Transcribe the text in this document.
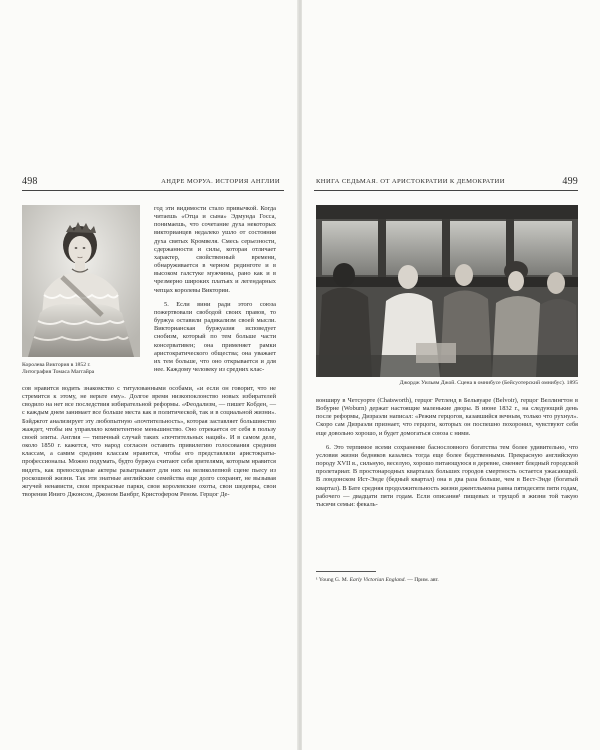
498	АНДРЕ МОРУА. ИСТОРИЯ АНГЛИИ
Королева Виктория в 1852 г.
Литография Томаса Маггайра

год эти видимости стало привычкой. Когда читаешь «Отца и сына» Эдмунда Госса, понимаешь, что сочетание духа некоторых викторианцев недалеко ушло от состояния духа святых Кромвеля. Смесь серьезности, сдержанности и силы, которая отличает характер, свойственный времени, обнаруживается в черном рединготе и в высоком галстуке мужчины, рано как и в чрезмерно широких платьях и легендарных чепцах королевы Виктории.

5. Если вини ради этого союза пожертвовали свободой своих правов, то буржуа оставили радикализм своей мысли. Викторианская буржуазия исповедует снобизм, который по тем больше части консервативен; она применяет рамки аристократического общества; она уважает их тем больше, что оно открывается и для нее. Каждому человеку из средних клас-

сов нравится водить знакомство с титулованными особами, «и если он говорит, что не стремится к этому, не верьте ему». Долгое время низкопоклонство новых избирателей сводило на нет все последствия избирательной реформы. «Феодализм, — пишет Кобден, — с каждым днем занимает все больше места как в политической, так и в социальной жизни». Бэйджгот анализирует эту любопытную «почтительность», которая заставляет большинство жаждет, чтобы им управляло компетентное меньшинство. Оно отрекается от себя в пользу своей элиты. Англия — типичный случай таких «почтительных наций». И в самом деле, около 1850 г. кажется, что народ согласен оставить привилегию голосования средним классам, а самим средним классам нравится, чтобы его представляли аристократы-профессионалы. Можно подумать, будто буржуа считают себя зрителями, которым нравится видеть, как превосходные актеры разыгрывают для них на великолепной сцене пьесу из роскошной жизни. Так эти знатные английские семейства еще долго сохранят, не вызывая жгучей ненависти, свои прекрасные парки, свои королевские охоты, свои шедевры, свои творения Иниго Джонсом, Джоном Ванбрг, Кристофером Реном. Герцог Де-

КНИГА СЕДЬМАЯ. ОТ АРИСТОКРАТИИ К ДЕМОКРАТИИ	499
Джордж Уильям Джой. Сцена в омнибусе (Бейсуотерский омнибус). 1895

вонширу в Четсуорте (Chatsworth), герцог Ретленд в Бельвуаре (Belvoir), герцог Веллингтон в Вобурне (Woburn) держат настоящие маленькие дворы. В июне 1832 г., на следующий день после реформы, Дизраэли написал: «Режим герцогов, казавшийся вечным, только что рухнул». Скоро сам Дизраэли признает, что герцоги, которых он поспешно похоронил, чувствуют себя еще довольно хорошо, и будет домогаться союза с ними.

6. Это терпимое всеми сохранение баснословного богатства тем более удивительно, что условия жизни бедняков казались тогда еще более бедственными. Прекрасную английскую породу XVII в., сильную, веселую, хорошо питающуюся в деревне, сменяет бледный городской пролетариат. В простонародных кварталах больших городов смертность остается ужасающей. В лондонском Ист-Энде (бедный квартал) она в два раза больше, чем в Вест-Энде (богатый квартал). В Бате средняя продолжительность жизни джентльмена равна пятидесяти пяти годам, рабочего — двадцати пяти годам. Если описания¹ пищевых и трущоб в жизни той такую тысячи семьи: фекаль-

¹ Young G. M. Early Victorian England. — Прим. авт.
